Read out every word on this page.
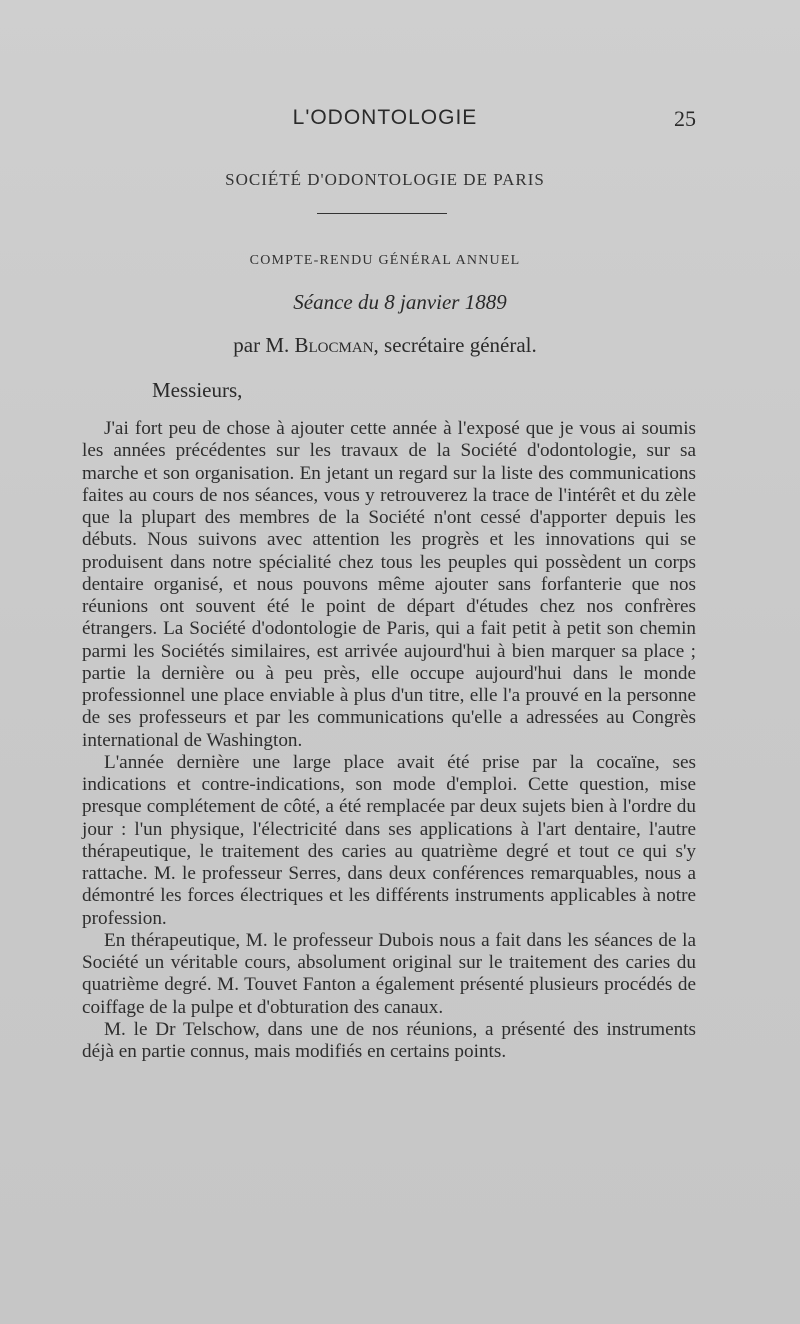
L'ODONTOLOGIE	25
SOCIÉTÉ D'ODONTOLOGIE DE PARIS
COMPTE-RENDU GÉNÉRAL ANNUEL
Séance du 8 janvier 1889
par M. Blocman, secrétaire général.
Messieurs,

J'ai fort peu de chose à ajouter cette année à l'exposé que je vous ai soumis les années précédentes sur les travaux de la Société d'odontologie, sur sa marche et son organisation. En jetant un regard sur la liste des communications faites au cours de nos séances, vous y retrouverez la trace de l'intérêt et du zèle que la plupart des membres de la Société n'ont cessé d'apporter depuis les débuts. Nous suivons avec attention les progrès et les innovations qui se produisent dans notre spécialité chez tous les peuples qui possèdent un corps dentaire organisé, et nous pouvons même ajouter sans forfanterie que nos réunions ont souvent été le point de départ d'études chez nos confrères étrangers. La Société d'odontologie de Paris, qui a fait petit à petit son chemin parmi les Sociétés similaires, est arrivée aujourd'hui à bien marquer sa place ; partie la dernière ou à peu près, elle occupe aujourd'hui dans le monde professionnel une place enviable à plus d'un titre, elle l'a prouvé en la personne de ses professeurs et par les communications qu'elle a adressées au Congrès international de Washington.

L'année dernière une large place avait été prise par la cocaïne, ses indications et contre-indications, son mode d'emploi. Cette question, mise presque complétement de côté, a été remplacée par deux sujets bien à l'ordre du jour : l'un physique, l'électricité dans ses applications à l'art dentaire, l'autre thérapeutique, le traitement des caries au quatrième degré et tout ce qui s'y rattache. M. le professeur Serres, dans deux conférences remarquables, nous a démontré les forces électriques et les différents instruments applicables à notre profession.

En thérapeutique, M. le professeur Dubois nous a fait dans les séances de la Société un véritable cours, absolument original sur le traitement des caries du quatrième degré. M. Touvet Fanton a également présenté plusieurs procédés de coiffage de la pulpe et d'obturation des canaux.

M. le Dr Telschow, dans une de nos réunions, a présenté des instruments déjà en partie connus, mais modifiés en certains points.
